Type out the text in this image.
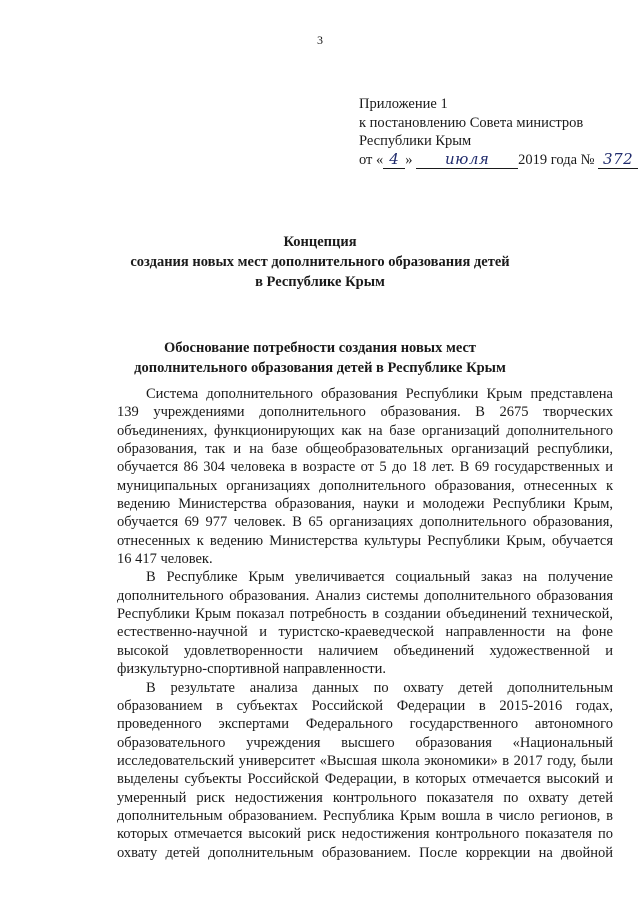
3
Приложение 1
к постановлению Совета министров
Республики Крым
от « 4 » июля 2019 года № 372
Концепция
создания новых мест дополнительного образования детей
в Республике Крым
Обоснование потребности создания новых мест
дополнительного образования детей в Республике Крым

Система дополнительного образования Республики Крым представлена 139 учреждениями дополнительного образования. В 2675 творческих объединениях, функционирующих как на базе организаций дополнительного образования, так и на базе общеобразовательных организаций республики, обучается 86 304 человека в возрасте от 5 до 18 лет. В 69 государственных и муниципальных организациях дополнительного образования, отнесенных к ведению Министерства образования, науки и молодежи Республики Крым, обучается 69 977 человек. В 65 организациях дополнительного образования, отнесенных к ведению Министерства культуры Республики Крым, обучается 16 417 человек.

В Республике Крым увеличивается социальный заказ на получение дополнительного образования. Анализ системы дополнительного образования Республики Крым показал потребность в создании объединений технической, естественно-научной и туристско-краеведческой направленности на фоне высокой удовлетворенности наличием объединений художественной и физкультурно-спортивной направленности.

В результате анализа данных по охвату детей дополнительным образованием в субъектах Российской Федерации в 2015-2016 годах, проведенного экспертами Федерального государственного автономного образовательного учреждения высшего образования «Национальный исследовательский университет «Высшая школа экономики» в 2017 году, были выделены субъекты Российской Федерации, в которых отмечается высокий и умеренный риск недостижения контрольного показателя по охвату детей дополнительным образованием. Республика Крым вошла в число регионов, в которых отмечается высокий риск недостижения контрольного показателя по охвату детей дополнительным образованием. После коррекции на двойной
